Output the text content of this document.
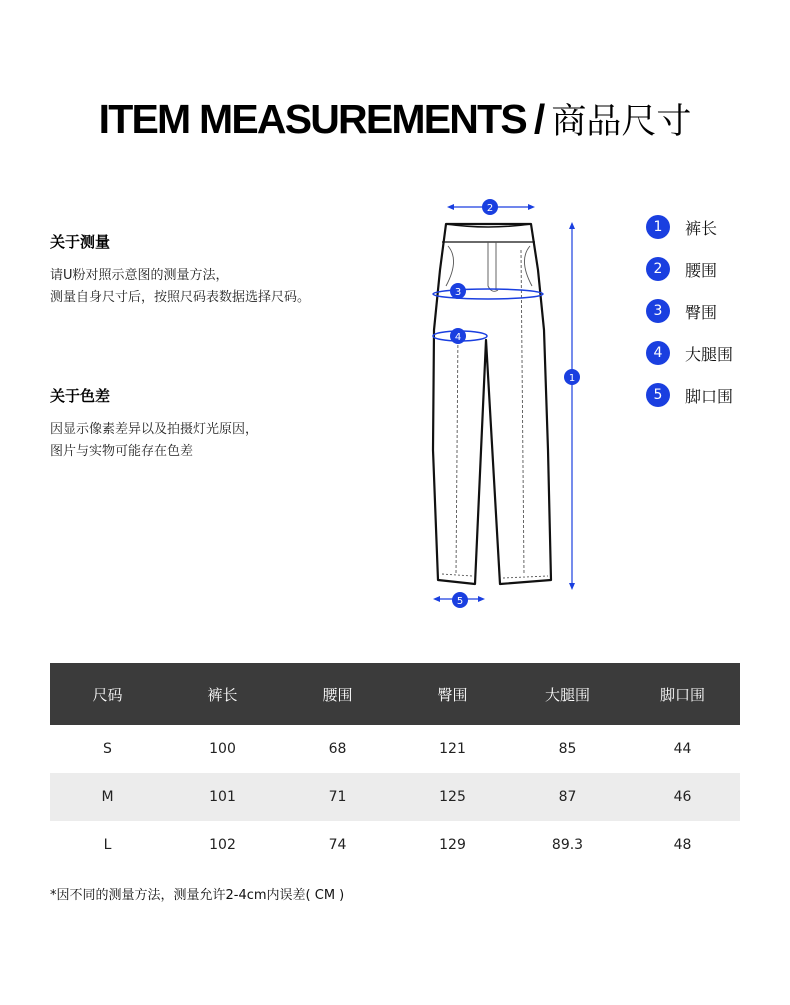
ITEM MEASUREMENTS / 商品尺寸
关于测量
请U粉对照示意图的测量方法，
测量自身尺寸后，按照尺码表数据选择尺码。
关于色差
因显示像素差异以及拍摄灯光原因，
图片与实物可能存在色差
2
3
4
1
5
1	裤长
2	腰围
3	臀围
4	大腿围
5	脚口围
尺码	裤长	腰围	臀围	大腿围	脚口围
S	100	68	121	85	44
M	101	71	125	87	46
L	102	74	129	89.3	48
*因不同的测量方法，测量允许2-4cm内误差( CM )
